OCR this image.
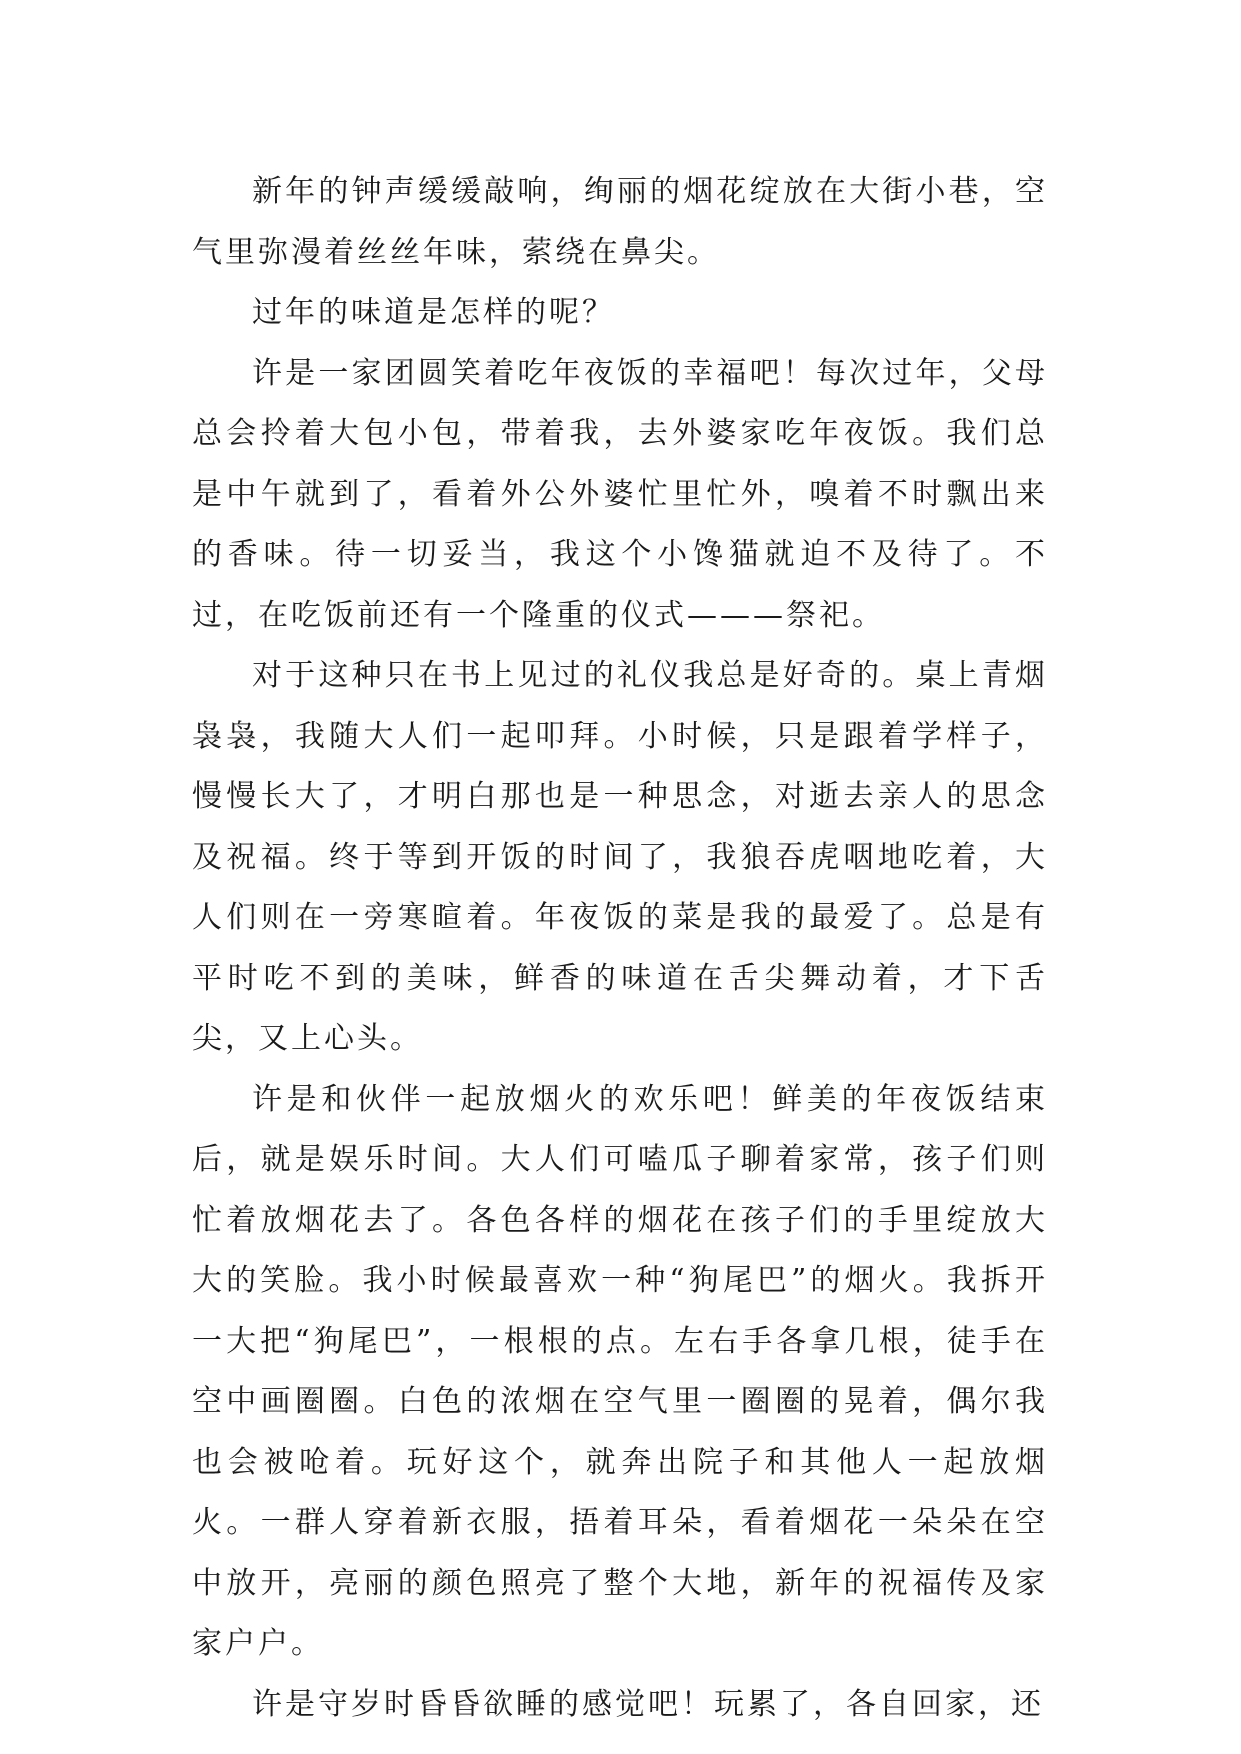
新年的钟声缓缓敲响，绚丽的烟花绽放在大街小巷，空气里弥漫着丝丝年味，萦绕在鼻尖。

过年的味道是怎样的呢？

许是一家团圆笑着吃年夜饭的幸福吧！每次过年，父母总会拎着大包小包，带着我，去外婆家吃年夜饭。我们总是中午就到了，看着外公外婆忙里忙外，嗅着不时飘出来的香味。待一切妥当，我这个小馋猫就迫不及待了。不过，在吃饭前还有一个隆重的仪式———祭祀。

对于这种只在书上见过的礼仪我总是好奇的。桌上青烟袅袅，我随大人们一起叩拜。小时候，只是跟着学样子，慢慢长大了，才明白那也是一种思念，对逝去亲人的思念及祝福。终于等到开饭的时间了，我狼吞虎咽地吃着，大人们则在一旁寒暄着。年夜饭的菜是我的最爱了。总是有平时吃不到的美味，鲜香的味道在舌尖舞动着，才下舌尖，又上心头。

许是和伙伴一起放烟火的欢乐吧！鲜美的年夜饭结束后，就是娱乐时间。大人们可嗑瓜子聊着家常，孩子们则忙着放烟花去了。各色各样的烟花在孩子们的手里绽放大大的笑脸。我小时候最喜欢一种“狗尾巴”的烟火。我拆开一大把“狗尾巴”，一根根的点。左右手各拿几根，徒手在空中画圈圈。白色的浓烟在空气里一圈圈的晃着，偶尔我也会被呛着。玩好这个，就奔出院子和其他人一起放烟火。一群人穿着新衣服，捂着耳朵，看着烟花一朵朵在空中放开，亮丽的颜色照亮了整个大地，新年的祝福传及家家户户。

许是守岁时昏昏欲睡的感觉吧！玩累了，各自回家，还
